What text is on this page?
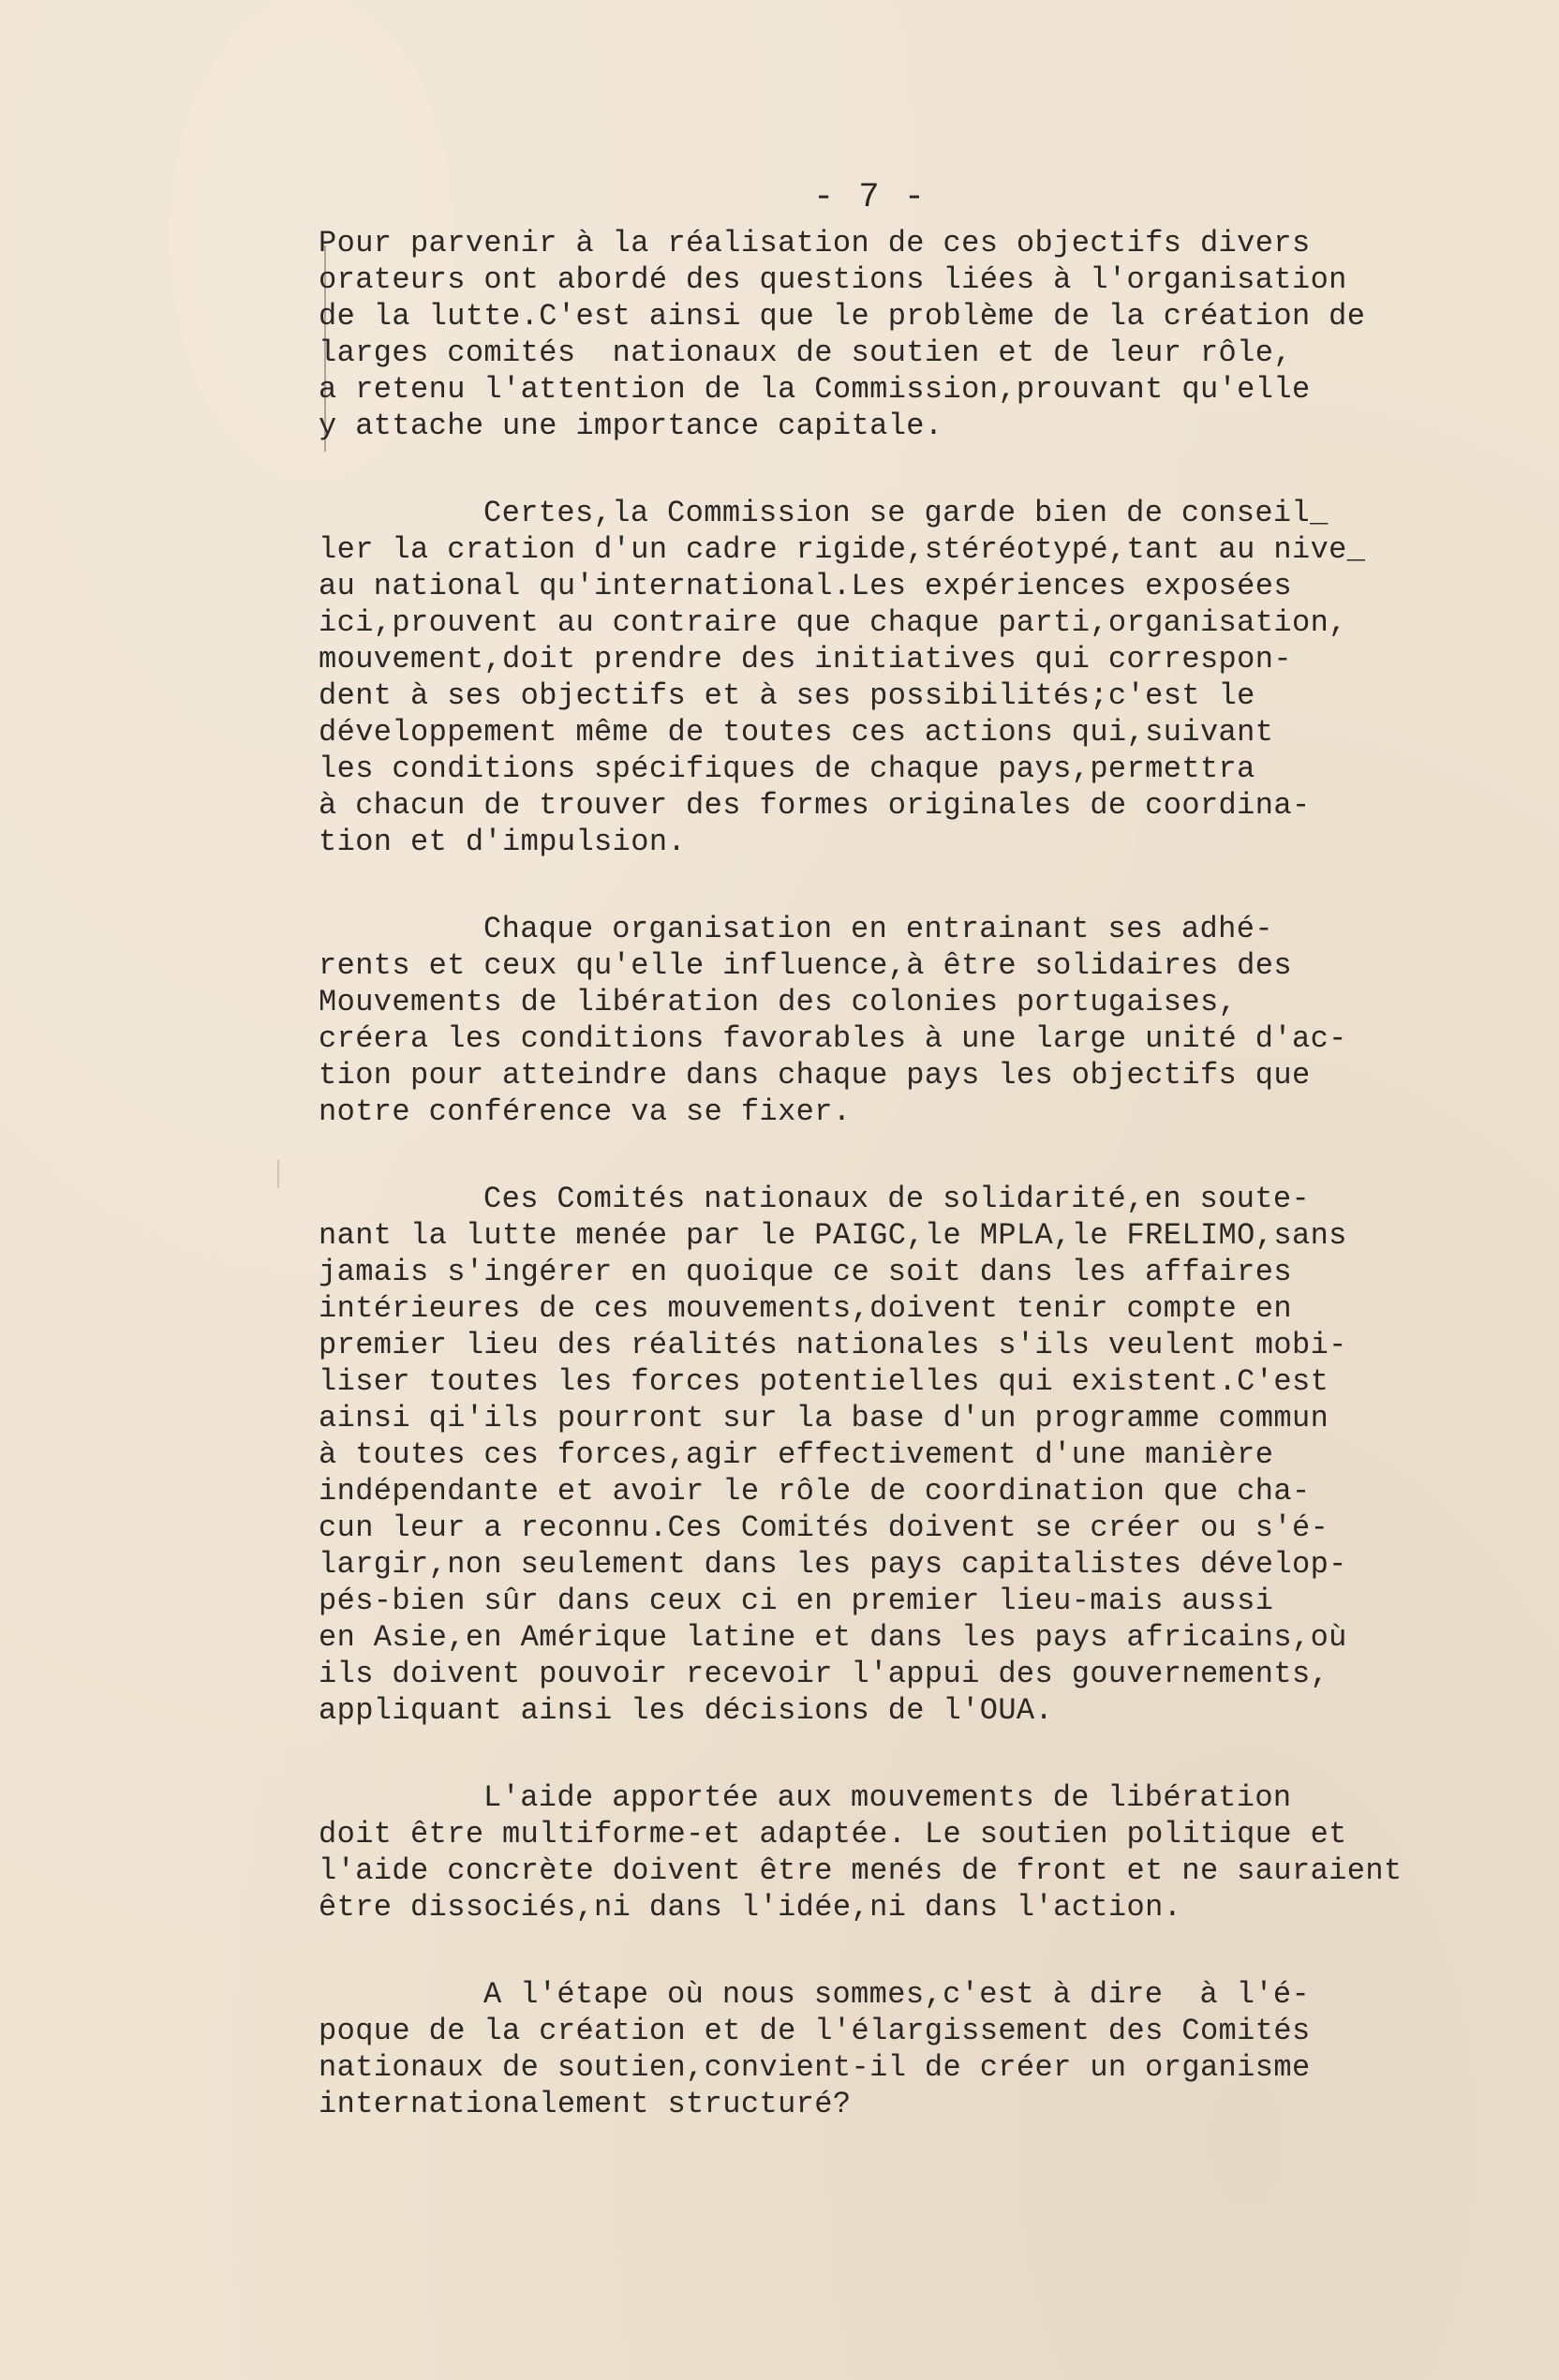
- 7 -
Pour parvenir à la réalisation de ces objectifs divers
orateurs ont abordé des questions liées à l'organisation
de la lutte.C'est ainsi que le problème de la création de
larges comités  nationaux de soutien et de leur rôle,
a retenu l'attention de la Commission,prouvant qu'elle
y attache une importance capitale.
Certes,la Commission se garde bien de conseil_
ler la cration d'un cadre rigide,stéréotypé,tant au nive_
au national qu'international.Les expériences exposées
ici,prouvent au contraire que chaque parti,organisation,
mouvement,doit prendre des initiatives qui correspon-
dent à ses objectifs et à ses possibilités;c'est le
développement même de toutes ces actions qui,suivant
les conditions spécifiques de chaque pays,permettra
à chacun de trouver des formes originales de coordina-
tion et d'impulsion.
Chaque organisation en entrainant ses adhé-
rents et ceux qu'elle influence,à être solidaires des
Mouvements de libération des colonies portugaises,
créera les conditions favorables à une large unité d'ac-
tion pour atteindre dans chaque pays les objectifs que
notre conférence va se fixer.
Ces Comités nationaux de solidarité,en soute-
nant la lutte menée par le PAIGC,le MPLA,le FRELIMO,sans
jamais s'ingérer en quoique ce soit dans les affaires
intérieures de ces mouvements,doivent tenir compte en
premier lieu des réalités nationales s'ils veulent mobi-
liser toutes les forces potentielles qui existent.C'est
ainsi qi'ils pourront sur la base d'un programme commun
à toutes ces forces,agir effectivement d'une manière
indépendante et avoir le rôle de coordination que cha-
cun leur a reconnu.Ces Comités doivent se créer ou s'é-
largir,non seulement dans les pays capitalistes dévelop-
pés-bien sûr dans ceux ci en premier lieu-mais aussi
en Asie,en Amérique latine et dans les pays africains,où
ils doivent pouvoir recevoir l'appui des gouvernements,
appliquant ainsi les décisions de l'OUA.
L'aide apportée aux mouvements de libération
doit être multiforme-et adaptée. Le soutien politique et
l'aide concrète doivent être menés de front et ne sauraient
être dissociés,ni dans l'idée,ni dans l'action.
A l'étape où nous sommes,c'est à dire  à l'é-
poque de la création et de l'élargissement des Comités
nationaux de soutien,convient-il de créer un organisme
internationalement structuré?
